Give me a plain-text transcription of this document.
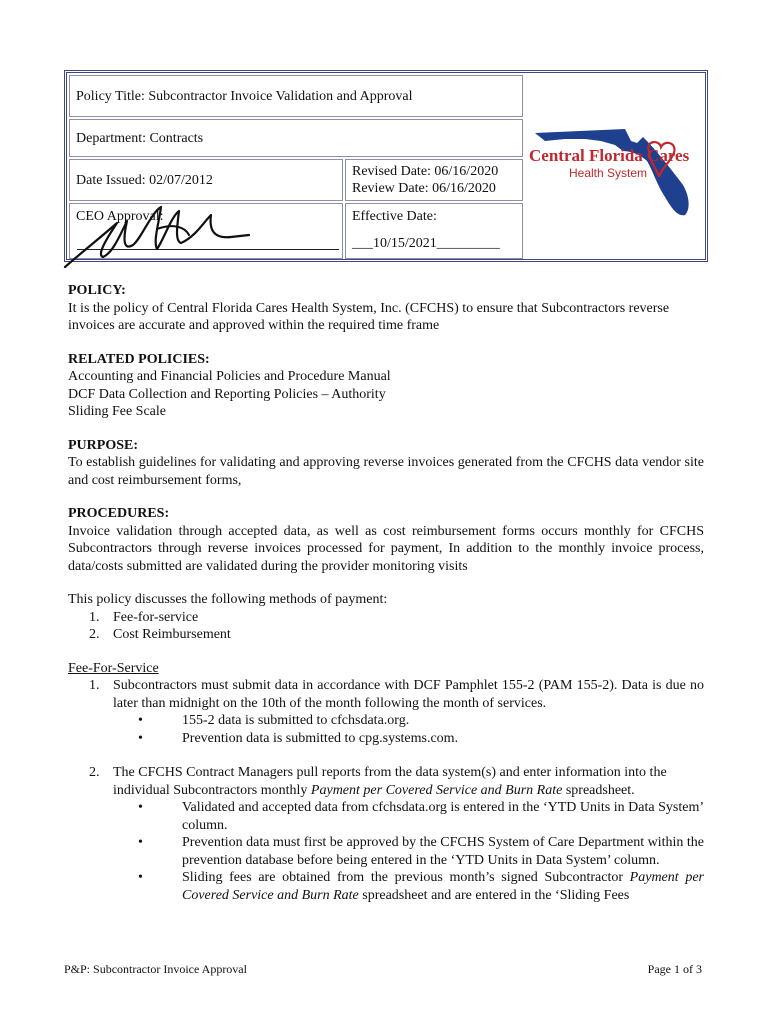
Policy Title: Subcontractor Invoice Validation and Approval
Department: Contracts
Date Issued: 02/07/2012
Revised Date: 06/16/2020
Review Date: 06/16/2020
CEO Approval:	Effective Date:
___10/15/2021_________
Central Florida Cares
Health System
POLICY:
It is the policy of Central Florida Cares Health System, Inc. (CFCHS) to ensure that Subcontractors reverse invoices are accurate and approved within the required time frame
RELATED POLICIES:
Accounting and Financial Policies and Procedure Manual
DCF Data Collection and Reporting Policies – Authority
Sliding Fee Scale
PURPOSE:
To establish guidelines for validating and approving reverse invoices generated from the CFCHS data vendor site and cost reimbursement forms,
PROCEDURES:
Invoice validation through accepted data, as well as cost reimbursement forms occurs monthly for CFCHS Subcontractors through reverse invoices processed for payment, In addition to the monthly invoice process, data/costs submitted are validated during the provider monitoring visits
This policy discusses the following methods of payment:
1. Fee-for-service
2. Cost Reimbursement
Fee-For-Service
1. Subcontractors must submit data in accordance with DCF Pamphlet 155-2 (PAM 155-2). Data is due no later than midnight on the 10th of the month following the month of services.
•	155-2 data is submitted to cfchsdata.org.
•	Prevention data is submitted to cpg.systems.com.
2. The CFCHS Contract Managers pull reports from the data system(s) and enter information into the individual Subcontractors monthly Payment per Covered Service and Burn Rate spreadsheet.
•	Validated and accepted data from cfchsdata.org is entered in the ‘YTD Units in Data System’ column.
•	Prevention data must first be approved by the CFCHS System of Care Department within the prevention database before being entered in the ‘YTD Units in Data System’ column.
•	Sliding fees are obtained from the previous month’s signed Subcontractor Payment per Covered Service and Burn Rate spreadsheet and are entered in the ‘Sliding Fees
P&P: Subcontractor Invoice Approval	Page 1 of 3
